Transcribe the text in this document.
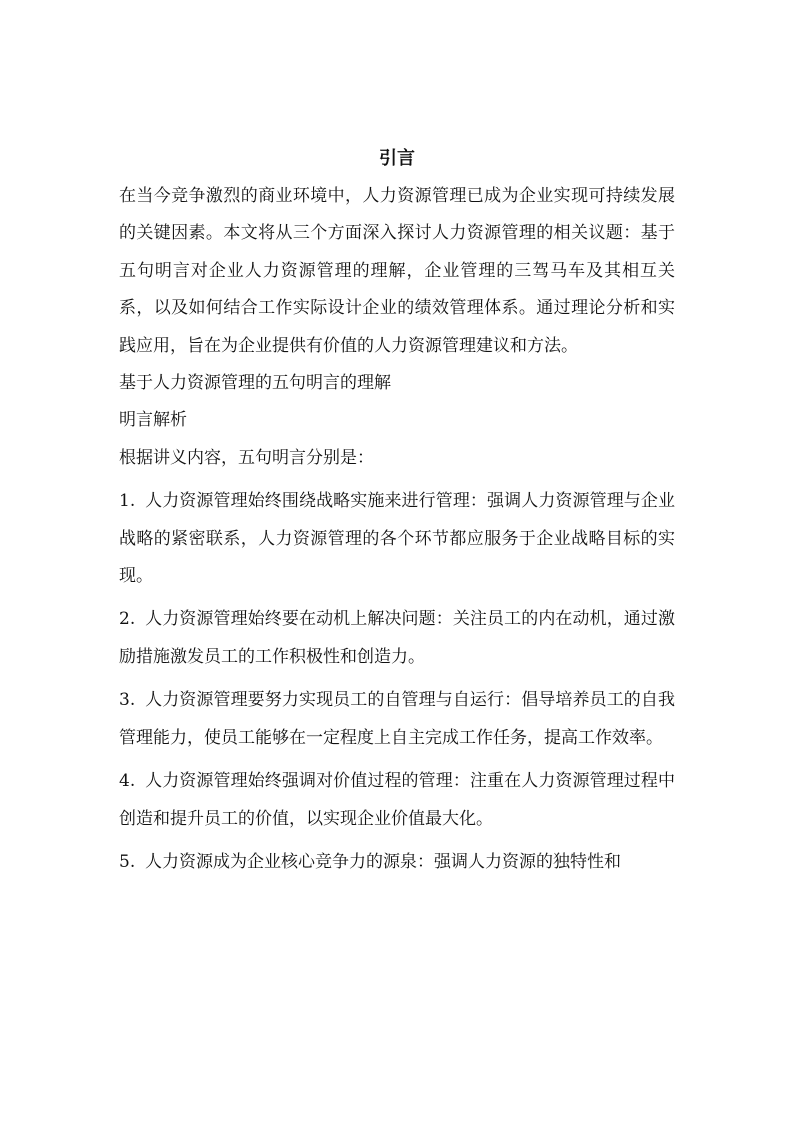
引言

在当今竞争激烈的商业环境中，人力资源管理已成为企业实现可持续发展的关键因素。本文将从三个方面深入探讨人力资源管理的相关议题：基于五句明言对企业人力资源管理的理解，企业管理的三驾马车及其相互关系，以及如何结合工作实际设计企业的绩效管理体系。通过理论分析和实践应用，旨在为企业提供有价值的人力资源管理建议和方法。

基于人力资源管理的五句明言的理解

明言解析

根据讲义内容，五句明言分别是：

1. 人力资源管理始终围绕战略实施来进行管理：强调人力资源管理与企业战略的紧密联系，人力资源管理的各个环节都应服务于企业战略目标的实现。

2. 人力资源管理始终要在动机上解决问题：关注员工的内在动机，通过激励措施激发员工的工作积极性和创造力。

3. 人力资源管理要努力实现员工的自管理与自运行：倡导培养员工的自我管理能力，使员工能够在一定程度上自主完成工作任务，提高工作效率。

4. 人力资源管理始终强调对价值过程的管理：注重在人力资源管理过程中创造和提升员工的价值，以实现企业价值最大化。

5. 人力资源成为企业核心竞争力的源泉：强调人力资源的独特性和
